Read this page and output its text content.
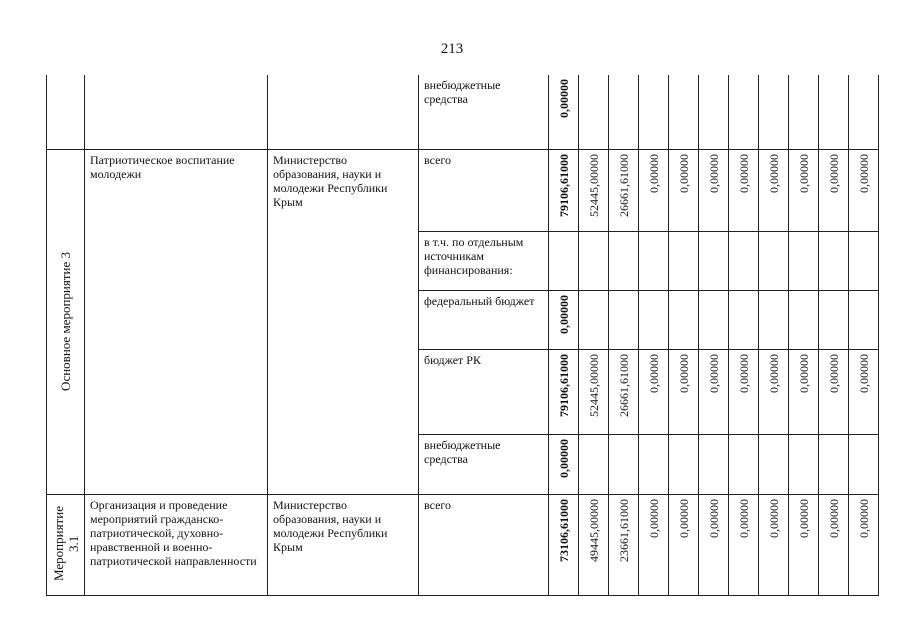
213
			внебюджетные средства	0,00000										

Основное мероприятие 3	Патриотическое воспитание молодежи	Министерство образования, науки и молодежи Республики Крым	всего	79106,61000	52445,00000	26661,61000	0,00000	0,00000	0,00000	0,00000	0,00000	0,00000	0,00000	0,00000

			в т.ч. по отдельным источникам финансирования:	

			федеральный бюджет	0,00000										

			бюджет РК	79106,61000	52445,00000	26661,61000	0,00000	0,00000	0,00000	0,00000	0,00000	0,00000	0,00000	0,00000

			внебюджетные средства	0,00000										

Мероприятие 3.1	Организация и проведение мероприятий гражданско-патриотической, духовно-нравственной и военно-патриотической направленности	Министерство образования, науки и молодежи Республики Крым	всего	73106,61000	49445,00000	23661,61000	0,00000	0,00000	0,00000	0,00000	0,00000	0,00000	0,00000	0,00000
